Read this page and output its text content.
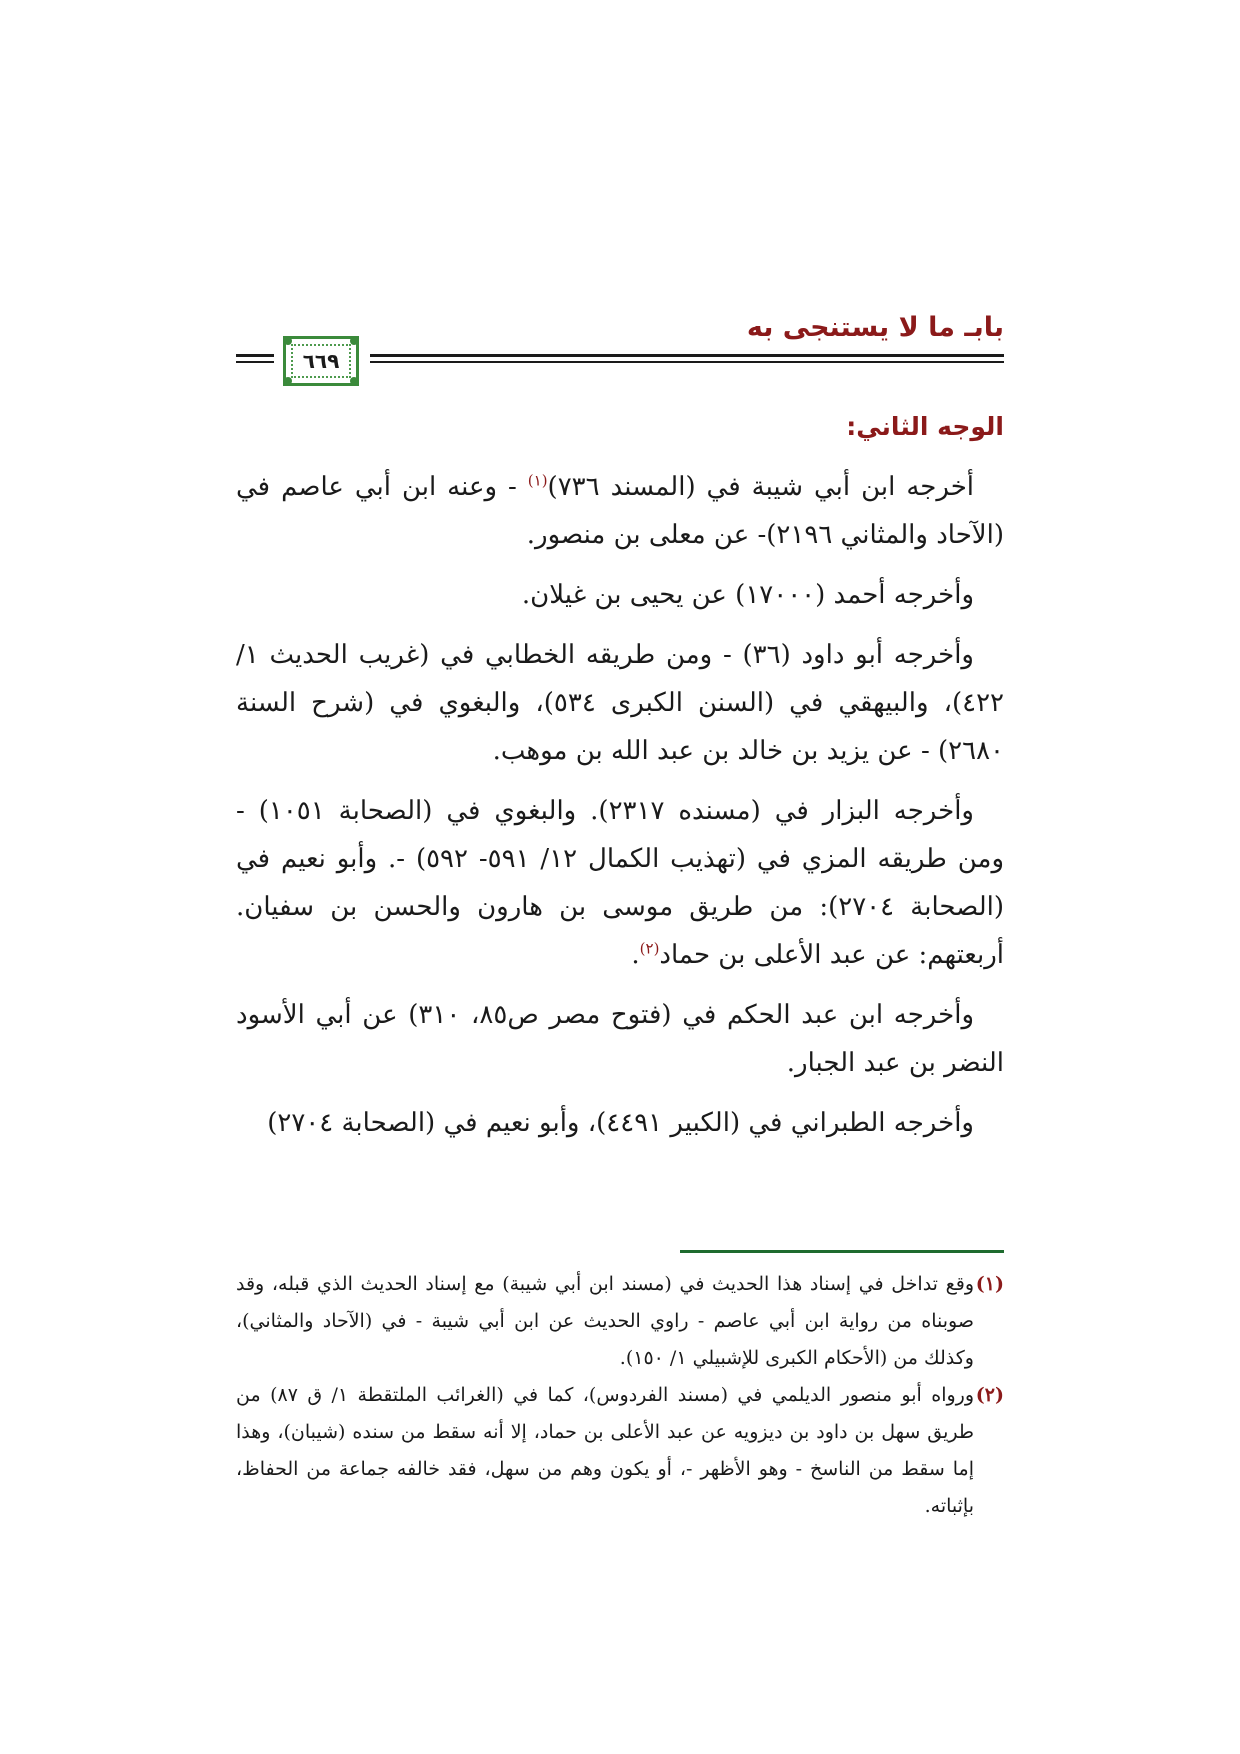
بابـ ما لا يستنجى به
٦٦٩
الوجه الثاني:

أخرجه ابن أبي شيبة في (المسند ٧٣٦)$^{(١)}$ - وعنه ابن أبي عاصم في (الآحاد والمثاني ٢١٩٦)- عن معلى بن منصور.

وأخرجه أحمد (١٧٠٠٠) عن يحيى بن غيلان.

وأخرجه أبو داود (٣٦) - ومن طريقه الخطابي في (غريب الحديث ١/ ٤٢٢)، والبيهقي في (السنن الكبرى ٥٣٤)، والبغوي في (شرح السنة ٢٦٨٠) - عن يزيد بن خالد بن عبد الله بن موهب.

وأخرجه البزار في (مسنده ٢٣١٧). والبغوي في (الصحابة ١٠٥١) - ومن طريقه المزي في (تهذيب الكمال ١٢/ ٥٩١- ٥٩٢) -. وأبو نعيم في (الصحابة ٢٧٠٤): من طريق موسى بن هارون والحسن بن سفيان. أربعتهم: عن عبد الأعلى بن حماد$^{(٢)}$.

وأخرجه ابن عبد الحكم في (فتوح مصر ص٨٥، ٣١٠) عن أبي الأسود النضر بن عبد الجبار.

وأخرجه الطبراني في (الكبير ٤٤٩١)، وأبو نعيم في (الصحابة ٢٧٠٤)

(١)
وقع تداخل في إسناد هذا الحديث في (مسند ابن أبي شيبة) مع إسناد الحديث الذي قبله، وقد صوبناه من رواية ابن أبي عاصم - راوي الحديث عن ابن أبي شيبة - في (الآحاد والمثاني)، وكذلك من (الأحكام الكبرى للإشبيلي ١/ ١٥٠).

(٢)
ورواه أبو منصور الديلمي في (مسند الفردوس)، كما في (الغرائب الملتقطة ١/ ق ٨٧) من طريق سهل بن داود بن ديزويه عن عبد الأعلى بن حماد، إلا أنه سقط من سنده (شيبان)، وهذا إما سقط من الناسخ - وهو الأظهر -، أو يكون وهم من سهل، فقد خالفه جماعة من الحفاظ، بإثباته.
